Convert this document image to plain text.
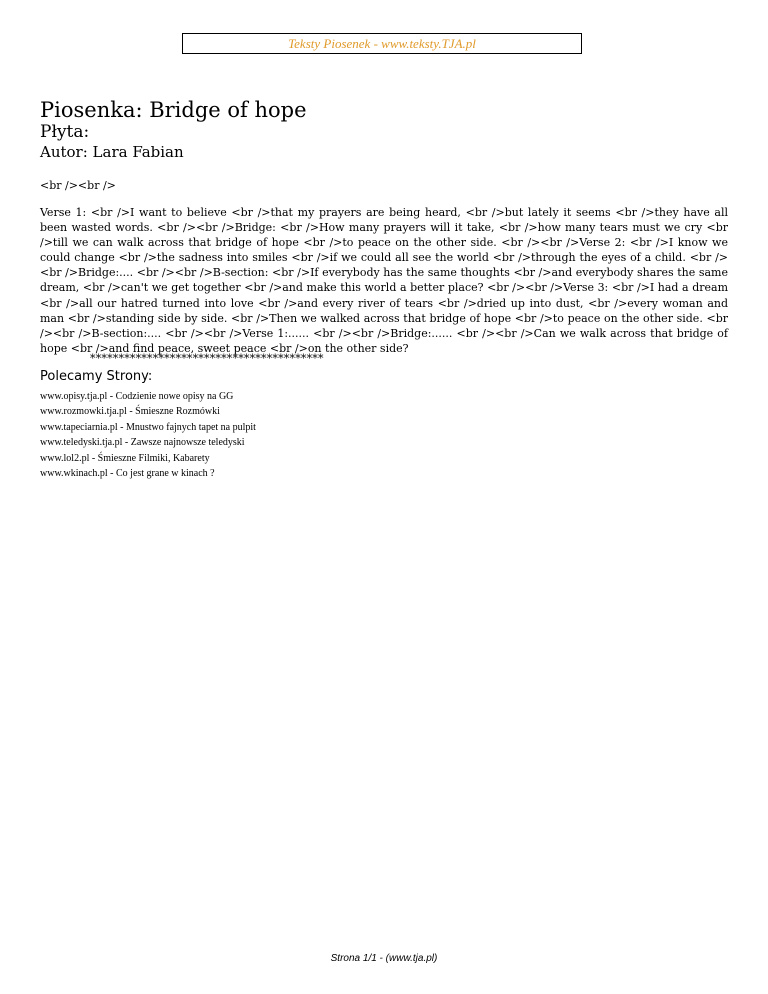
Teksty Piosenek - www.teksty.TJA.pl
Piosenka: Bridge of hope
Płyta:
Autor: Lara Fabian
<br /><br />
Verse 1: <br />I want to believe <br />that my prayers are being heard, <br />but lately it seems <br />they have all been wasted words. <br /><br />Bridge: <br />How many prayers will it take, <br />how many tears must we cry <br />till we can walk across that bridge of hope <br />to peace on the other side. <br /><br />Verse 2: <br />I know we could change <br />the sadness into smiles <br />if we could all see the world <br />through the eyes of a child. <br /><br />Bridge:.... <br /><br />B-section: <br />If everybody has the same thoughts <br />and everybody shares the same dream, <br />can't we get together <br />and make this world a better place? <br /><br />Verse 3: <br />I had a dream <br />all our hatred turned into love <br />and every river of tears <br />dried up into dust, <br />every woman and man <br />standing side by side. <br />Then we walked across that bridge of hope <br />to peace on the other side. <br /><br />B-section:.... <br /><br />Verse 1:...... <br /><br />Bridge:...... <br /><br />Can we walk across that bridge of hope <br />and find peace, sweet peace <br />on the other side?
*****************************************
Polecamy Strony:
www.opisy.tja.pl - Codzienie nowe opisy na GG
www.rozmowki.tja.pl - Śmieszne Rozmówki
www.tapeciarnia.pl - Mnustwo fajnych tapet na pulpit
www.teledyski.tja.pl - Zawsze najnowsze teledyski
www.lol2.pl - Śmieszne Filmiki, Kabarety
www.wkinach.pl - Co jest grane w kinach ?
Strona 1/1 - (www.tja.pl)
